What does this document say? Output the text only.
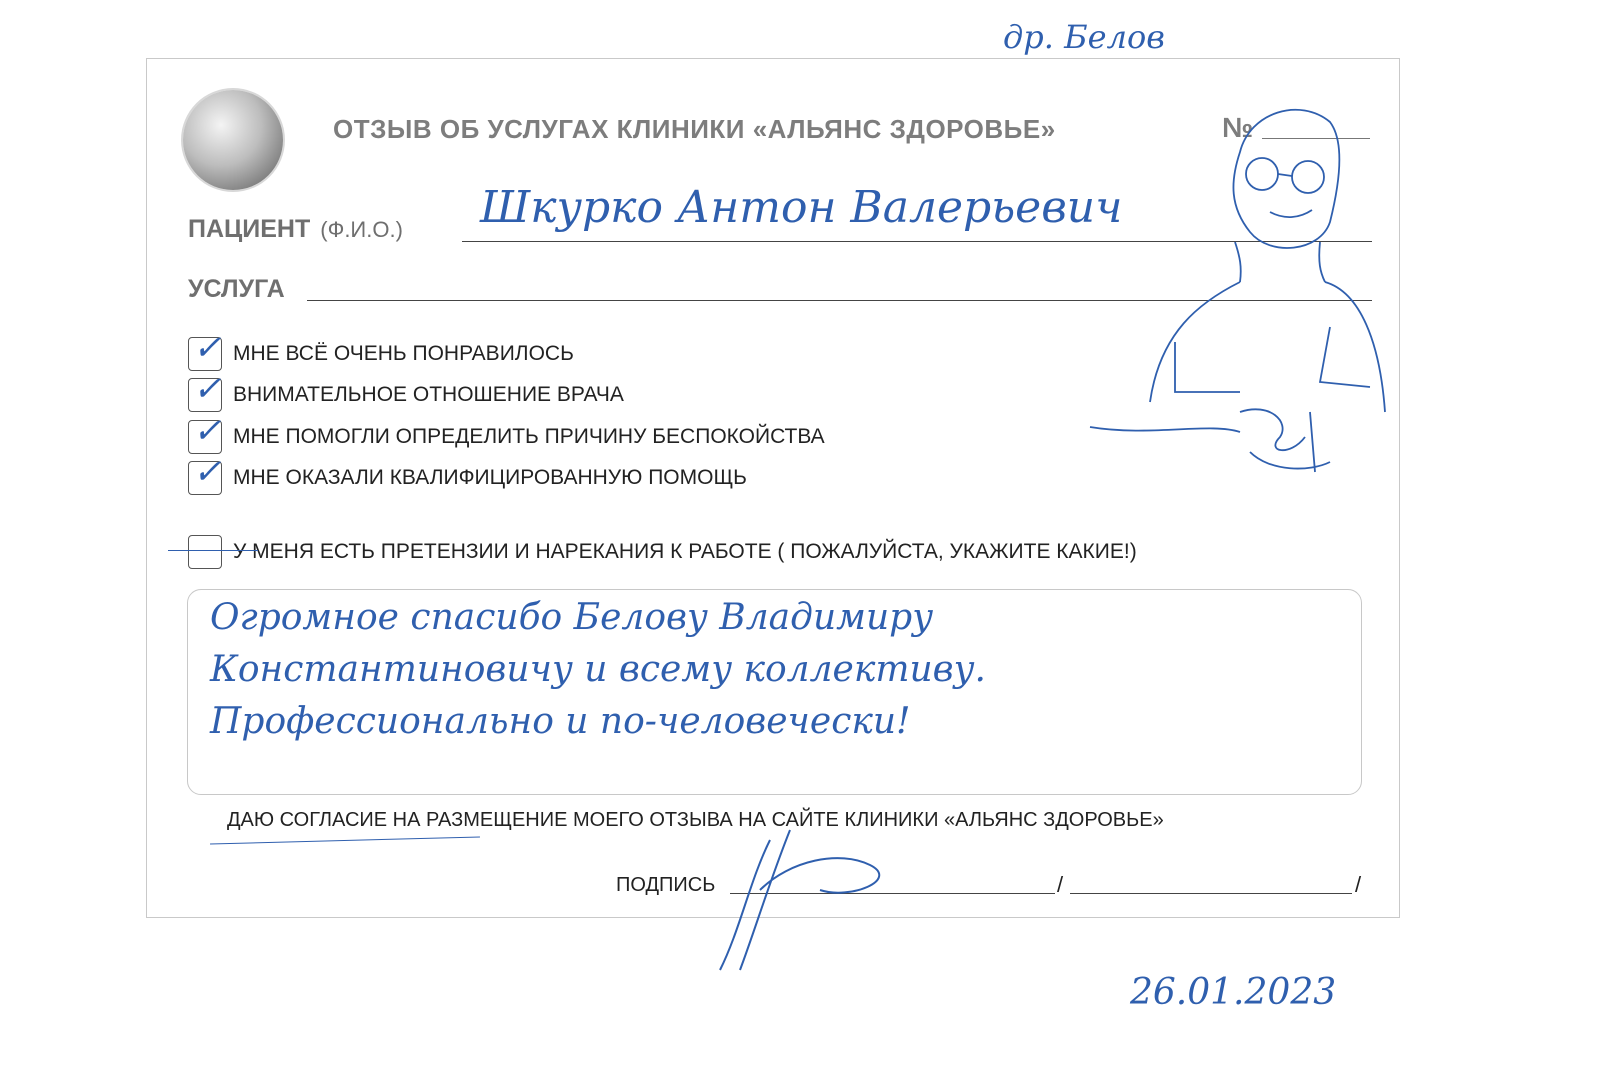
ОТЗЫВ ОБ УСЛУГАХ КЛИНИКИ «АЛЬЯНС ЗДОРОВЬЕ»	№
ПАЦИЕНТ (Ф.И.О.) Шкурко Антон Валерьевич
УСЛУГА
✓ МНЕ ВСЁ ОЧЕНЬ ПОНРАВИЛОСЬ
✓ ВНИМАТЕЛЬНОЕ ОТНОШЕНИЕ ВРАЧА
✓ МНЕ ПОМОГЛИ ОПРЕДЕЛИТЬ ПРИЧИНУ БЕСПОКОЙСТВА
✓ МНЕ ОКАЗАЛИ КВАЛИФИЦИРОВАННУЮ ПОМОЩЬ
У МЕНЯ ЕСТЬ ПРЕТЕНЗИИ И НАРЕКАНИЯ К РАБОТЕ ( ПОЖАЛУЙСТА, УКАЖИТЕ КАКИЕ!)
Огромное спасибо Белову Владимиру
Константиновичу и всему коллективу.
Профессионально и по-человечески!
ДАЮ СОГЛАСИЕ НА РАЗМЕЩЕНИЕ МОЕГО ОТЗЫВА НА САЙТЕ КЛИНИКИ «АЛЬЯНС ЗДОРОВЬЕ»
ПОДПИСЬ	/	/
др. Белов
26.01.2023
